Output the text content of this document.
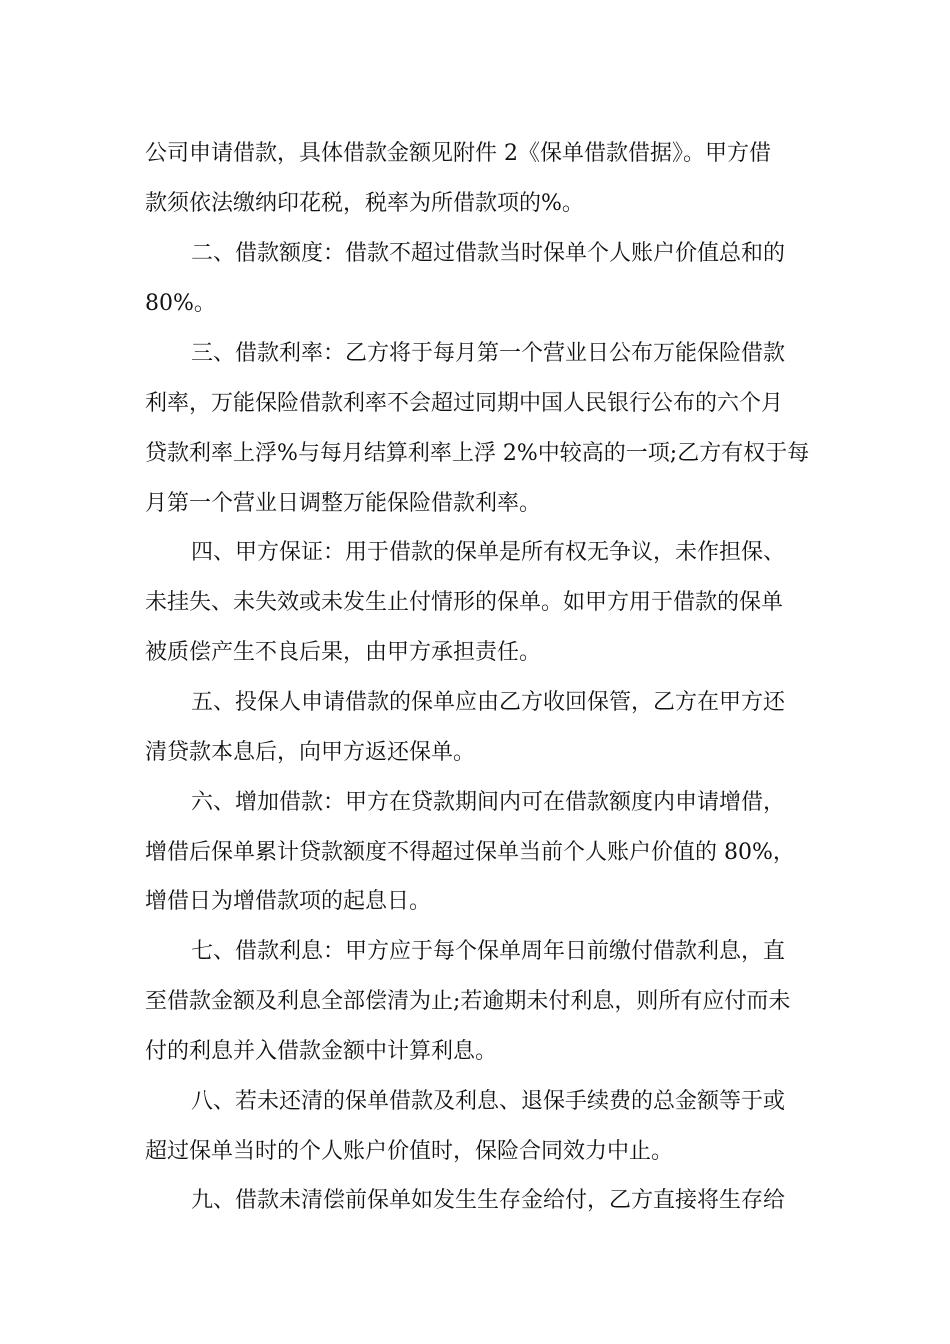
公司申请借款，具体借款金额见附件 2《保单借款借据》。甲方借
款须依法缴纳印花税，税率为所借款项的%。
二、借款额度：借款不超过借款当时保单个人账户价值总和的
80%。
三、借款利率：乙方将于每月第一个营业日公布万能保险借款
利率，万能保险借款利率不会超过同期中国人民银行公布的六个月
贷款利率上浮%与每月结算利率上浮 2%中较高的一项;乙方有权于每
月第一个营业日调整万能保险借款利率。
四、甲方保证：用于借款的保单是所有权无争议，未作担保、
未挂失、未失效或未发生止付情形的保单。如甲方用于借款的保单
被质偿产生不良后果，由甲方承担责任。
五、投保人申请借款的保单应由乙方收回保管，乙方在甲方还
清贷款本息后，向甲方返还保单。
六、增加借款：甲方在贷款期间内可在借款额度内申请增借，
增借后保单累计贷款额度不得超过保单当前个人账户价值的 80%，
增借日为增借款项的起息日。
七、借款利息：甲方应于每个保单周年日前缴付借款利息，直
至借款金额及利息全部偿清为止;若逾期未付利息，则所有应付而未
付的利息并入借款金额中计算利息。
八、若未还清的保单借款及利息、退保手续费的总金额等于或
超过保单当时的个人账户价值时，保险合同效力中止。
九、借款未清偿前保单如发生生存金给付，乙方直接将生存给
